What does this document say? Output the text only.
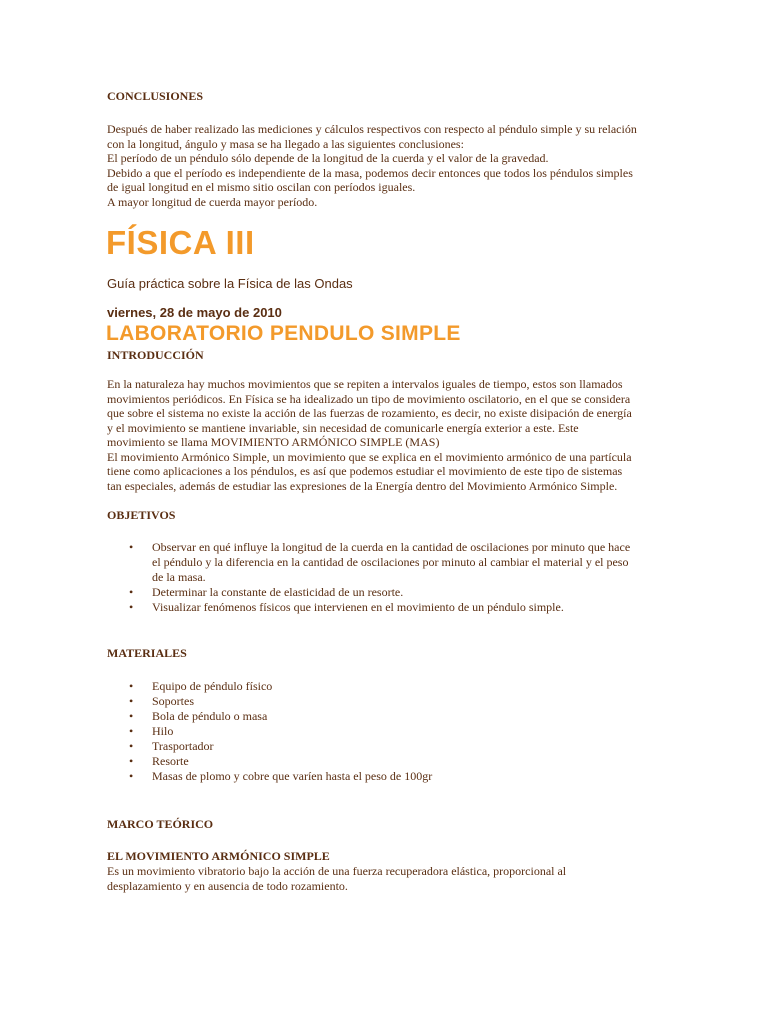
CONCLUSIONES
Después de haber realizado las mediciones y cálculos respectivos con respecto al péndulo simple y su relación
con la longitud, ángulo y masa se ha llegado a las siguientes conclusiones:
El período de un péndulo sólo depende de la longitud de la cuerda y el valor de la gravedad.
Debido a que el período es independiente de la masa, podemos decir entonces que todos los péndulos simples
de igual longitud en el mismo sitio oscilan con períodos iguales.
A mayor longitud de cuerda mayor período.
FÍSICA III
Guía práctica sobre la Física de las Ondas
viernes, 28 de mayo de 2010
LABORATORIO PENDULO SIMPLE
INTRODUCCIÓN
En la naturaleza hay muchos movimientos que se repiten a intervalos iguales de tiempo, estos son llamados
movimientos periódicos. En Física se ha idealizado un tipo de movimiento oscilatorio, en el que se considera
que sobre el sistema no existe la acción de las fuerzas de rozamiento, es decir, no existe disipación de energía
y el movimiento se mantiene invariable, sin necesidad de comunicarle energía exterior a este. Este
movimiento se llama MOVIMIENTO ARMÓNICO SIMPLE (MAS)
El movimiento Armónico Simple, un movimiento que se explica en el movimiento armónico de una partícula
tiene como aplicaciones a los péndulos, es así que podemos estudiar el movimiento de este tipo de sistemas
tan especiales, además de estudiar las expresiones de la Energía dentro del Movimiento Armónico Simple.
OBJETIVOS
• Observar en qué influye la longitud de la cuerda en la cantidad de oscilaciones por minuto que hace
el péndulo y la diferencia en la cantidad de oscilaciones por minuto al cambiar el material y el peso
de la masa.
• Determinar la constante de elasticidad de un resorte.
• Visualizar fenómenos físicos que intervienen en el movimiento de un péndulo simple.
MATERIALES
• Equipo de péndulo físico
• Soportes
• Bola de péndulo o masa
• Hilo
• Trasportador
• Resorte
• Masas de plomo y cobre que varíen hasta el peso de 100gr
MARCO TEÓRICO
EL MOVIMIENTO ARMÓNICO SIMPLE
Es un movimiento vibratorio bajo la acción de una fuerza recuperadora elástica, proporcional al
desplazamiento y en ausencia de todo rozamiento.
